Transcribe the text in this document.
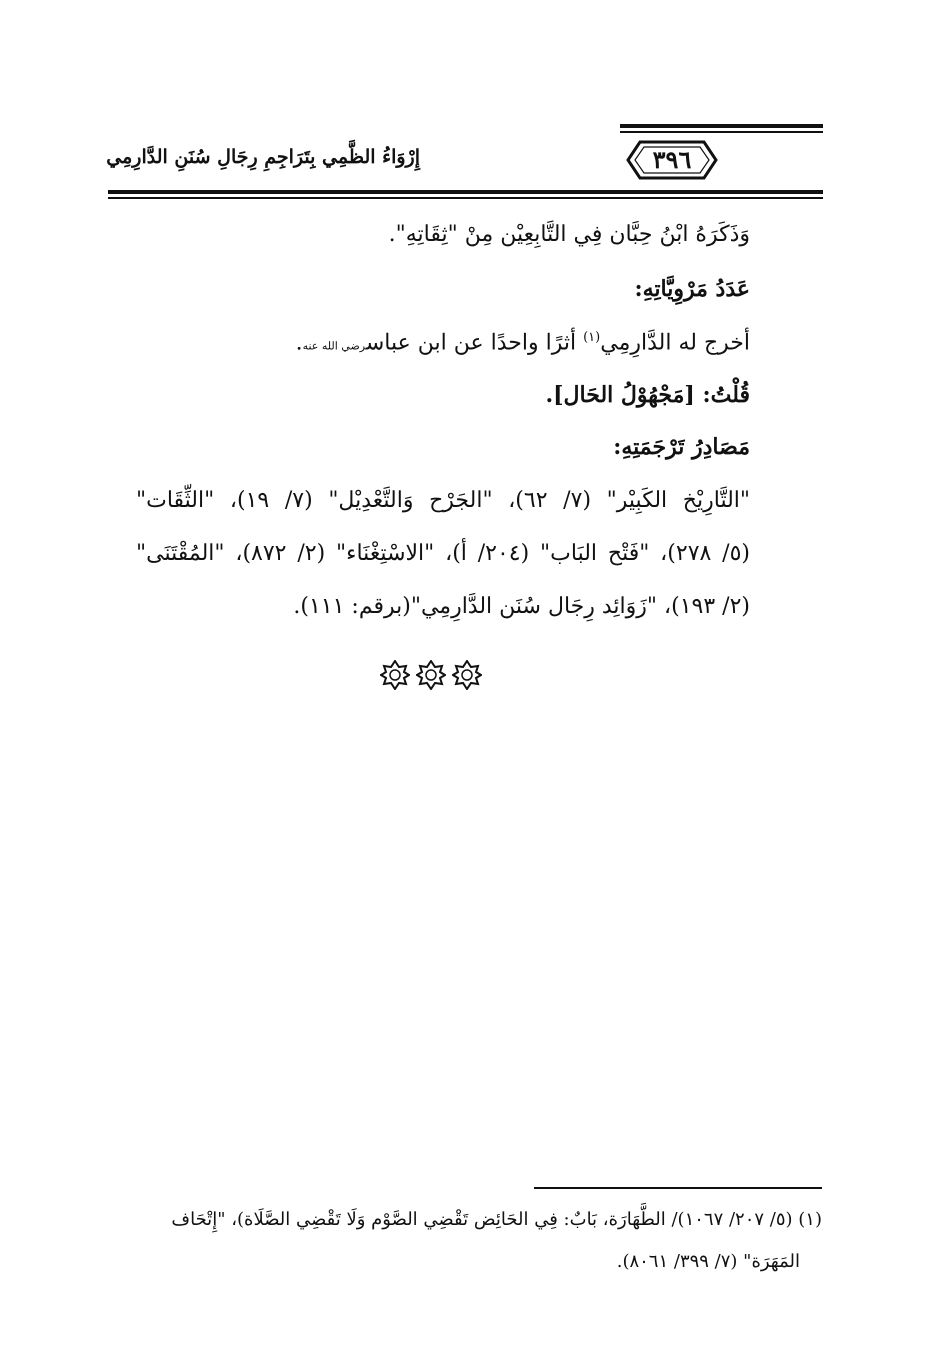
٣٩٦
إِرْوَاءُ الظَّمِي بِتَرَاجِمِ رِجَالِ سُنَنِ الدَّارِمِي
وَذَكَرَهُ ابْنُ حِبَّان فِي التَّابِعِيْن مِنْ "ثِقَاتِهِ".
عَدَدُ مَرْوِيَّاتِهِ:
أخرج له الدَّارِمِي$^{(١)}$ أثرًا واحدًا عن ابن عباسرضي الله عنه.
قُلْتُ: [مَجْهُوْلُ الحَال].
مَصَادِرُ تَرْجَمَتِهِ:
"التَّارِيْخ الكَبِيْر" (٧/ ٦٢)، "الجَرْح وَالتَّعْدِيْل" (٧/ ١٩)، "الثِّقَات"
(٥/ ٢٧٨)، "فَتْح البَاب" (٢٠٤/ أ)، "الاسْتِغْنَاء" (٢/ ٨٧٢)، "المُقْتَنَى"
(٢/ ١٩٣)، "زَوَائِد رِجَال سُنَن الدَّارِمِي"(برقم: ١١١).
(١) (٥/ ٢٠٧/ ١٠٦٧)/ الطَّهَارَة، بَابٌ: فِي الحَائِض تَقْضِي الصَّوْم وَلَا تَقْضِي الصَّلَاة)، "إِتْحَاف
المَهَرَة" (٧/ ٣٩٩/ ٨٠٦١).
